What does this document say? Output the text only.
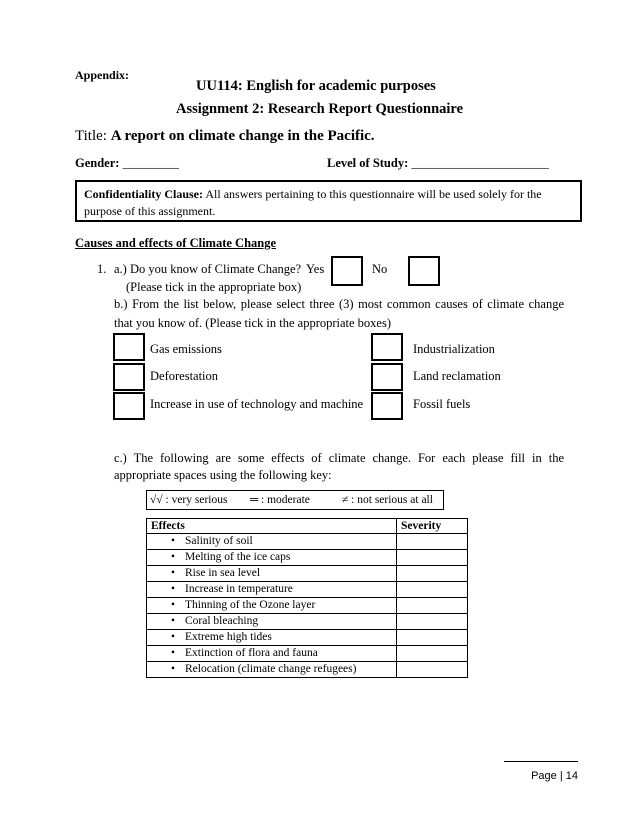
Appendix:
UU114: English for academic purposes
Assignment 2: Research Report Questionnaire
Title: A report on climate change in the Pacific.
Gender: _________	Level of Study: ______________________
Confidentiality Clause: All answers pertaining to this questionnaire will be used solely for the purpose of this assignment.
Causes and effects of Climate Change
1. a.) Do you know of Climate Change? Yes	No
(Please tick in the appropriate box)
b.) From the list below, please select three (3) most common causes of climate change
that you know of. (Please tick in the appropriate boxes)
Gas emissions
Deforestation
Increase in use of technology and machine
Industrialization
Land reclamation
Fossil fuels
c.) The following are some effects of climate change. For each please fill in the
appropriate spaces using the following key:
√√ : very serious ═ : moderate	≠ : not serious at all
Effects	Severity
• Salinity of soil	
• Melting of the ice caps	
• Rise in sea level	
• Increase in temperature	
• Thinning of the Ozone layer	
• Coral bleaching	
• Extreme high tides	
• Extinction of flora and fauna	
• Relocation (climate change refugees)	
Page | 14
